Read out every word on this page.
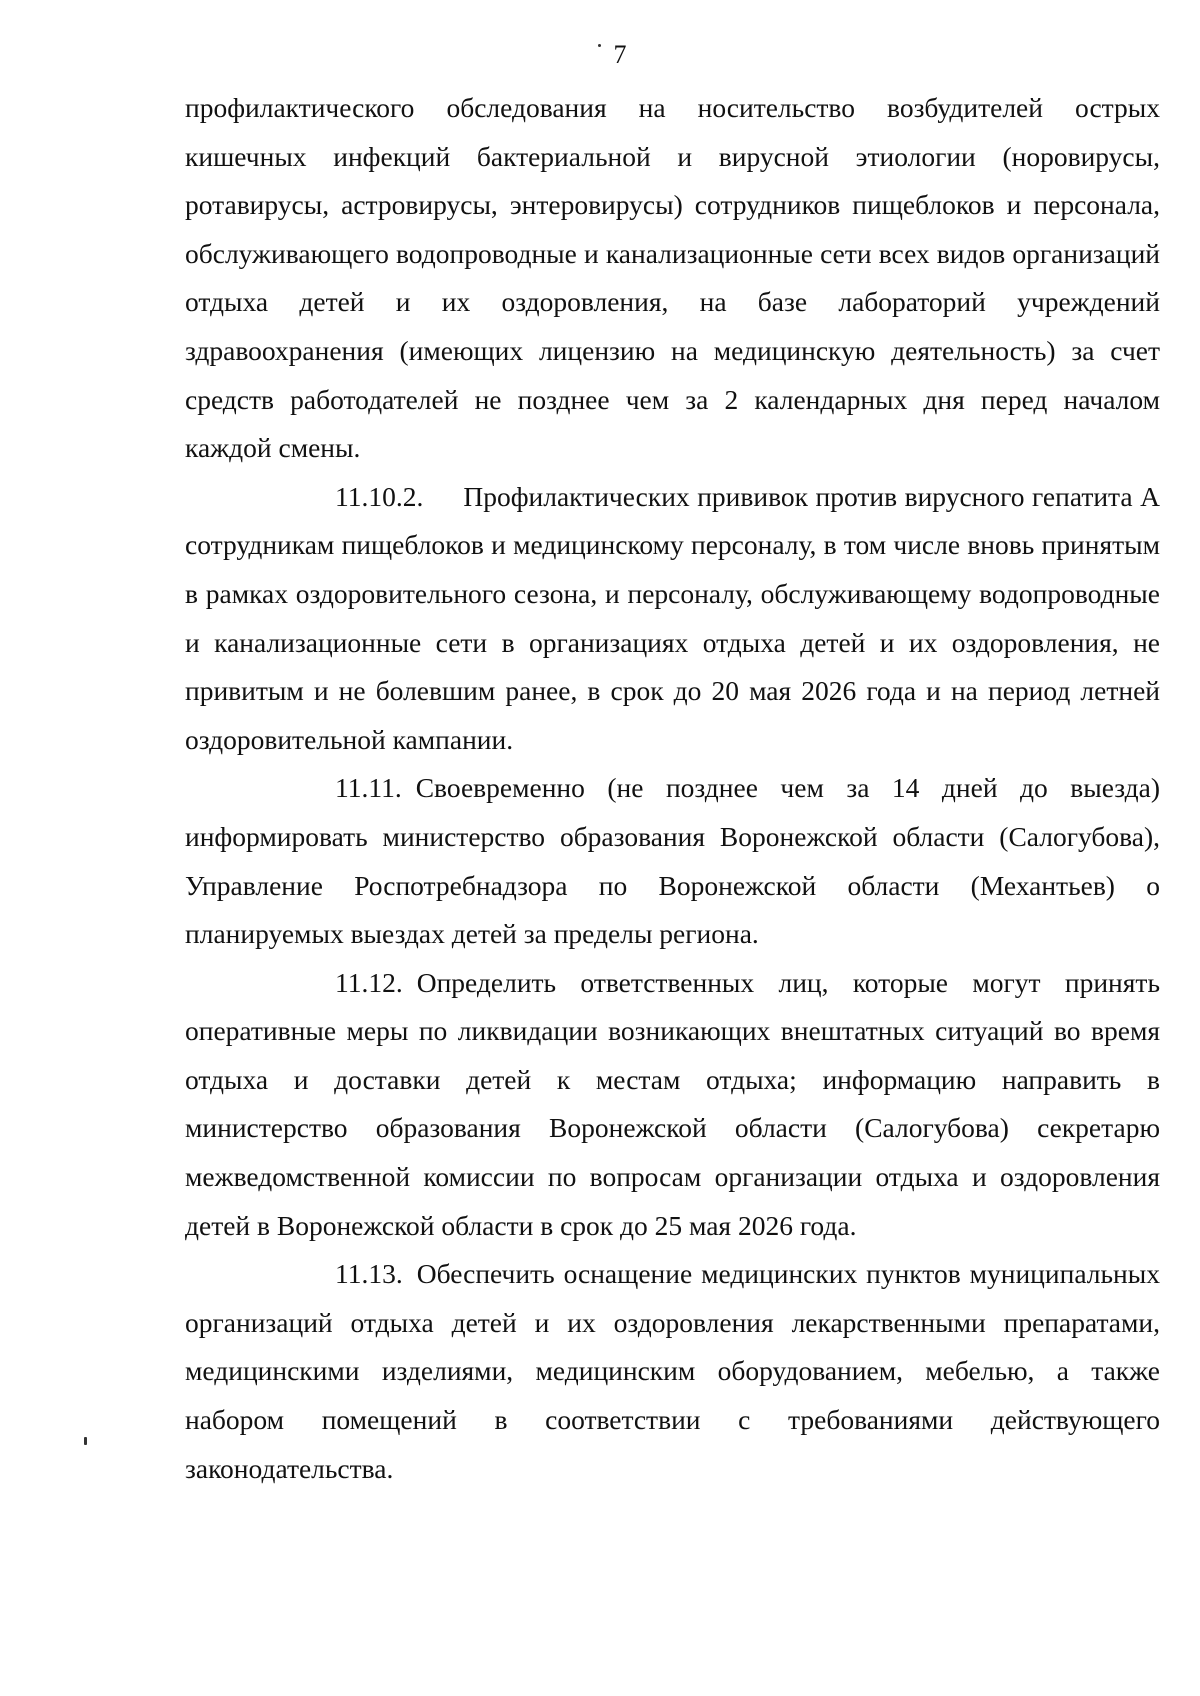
7

профилактического обследования на носительство возбудителей острых кишечных инфекций бактериальной и вирусной этиологии (норовирусы, ротавирусы, астровирусы, энтеровирусы) сотрудников пищеблоков и персонала, обслуживающего водопроводные и канализационные сети всех видов организаций отдыха детей и их оздоровления, на базе лабораторий учреждений здравоохранения (имеющих лицензию на медицинскую деятельность) за счет средств работодателей не позднее чем за 2 календарных дня перед началом каждой смены.

11.10.2. Профилактических прививок против вирусного гепатита А сотрудникам пищеблоков и медицинскому персоналу, в том числе вновь принятым в рамках оздоровительного сезона, и персоналу, обслуживающему водопроводные и канализационные сети в организациях отдыха детей и их оздоровления, не привитым и не болевшим ранее, в срок до 20 мая 2026 года и на период летней оздоровительной кампании.

11.11. Своевременно (не позднее чем за 14 дней до выезда) информировать министерство образования Воронежской области (Салогубова), Управление Роспотребнадзора по Воронежской области (Механтьев) о планируемых выездах детей за пределы региона.

11.12. Определить ответственных лиц, которые могут принять оперативные меры по ликвидации возникающих внештатных ситуаций во время отдыха и доставки детей к местам отдыха; информацию направить в министерство образования Воронежской области (Салогубова) секретарю межведомственной комиссии по вопросам организации отдыха и оздоровления детей в Воронежской области в срок до 25 мая 2026 года.

11.13. Обеспечить оснащение медицинских пунктов муниципальных организаций отдыха детей и их оздоровления лекарственными препаратами, медицинскими изделиями, медицинским оборудованием, мебелью, а также набором помещений в соответствии с требованиями действующего законодательства.
